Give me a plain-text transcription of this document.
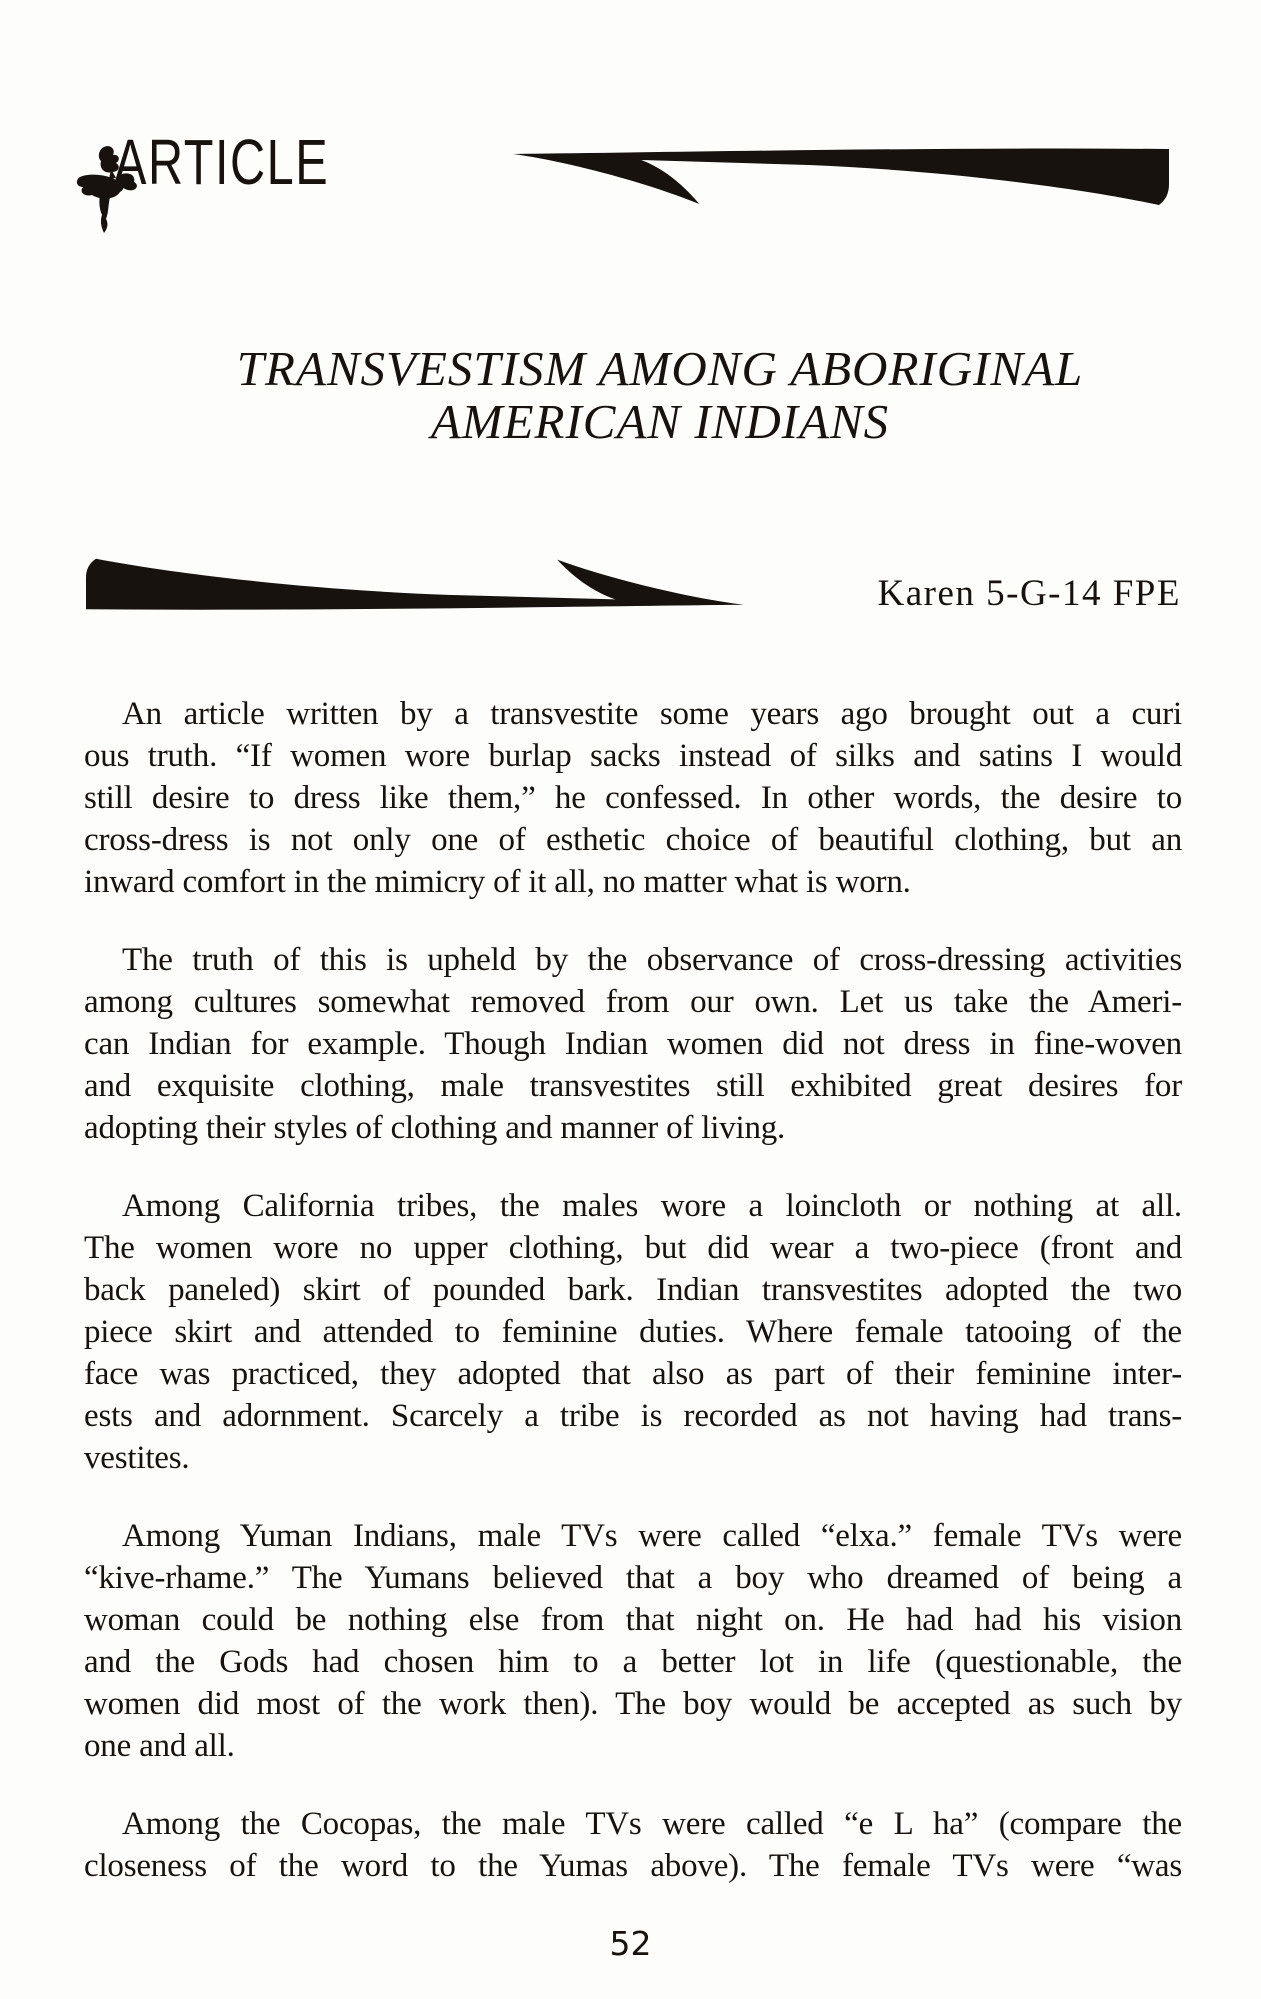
ARTICLE
TRANSVESTISM AMONG ABORIGINAL
AMERICAN INDIANS
Karen 5-G-14 FPE
An article written by a transvestite some years ago brought out a curi
ous truth. “If women wore burlap sacks instead of silks and satins I would
still desire to dress like them,” he confessed. In other words, the desire to
cross-dress is not only one of esthetic choice of beautiful clothing, but an
inward comfort in the mimicry of it all, no matter what is worn.
The truth of this is upheld by the observance of cross-dressing activities
among cultures somewhat removed from our own. Let us take the Ameri-
can Indian for example. Though Indian women did not dress in fine-woven
and exquisite clothing, male transvestites still exhibited great desires for
adopting their styles of clothing and manner of living.
Among California tribes, the males wore a loincloth or nothing at all.
The women wore no upper clothing, but did wear a two-piece (front and
back paneled) skirt of pounded bark. Indian transvestites adopted the two
piece skirt and attended to feminine duties. Where female tatooing of the
face was practiced, they adopted that also as part of their feminine inter-
ests and adornment. Scarcely a tribe is recorded as not having had trans-
vestites.
Among Yuman Indians, male TVs were called “elxa.” female TVs were
“kive-rhame.” The Yumans believed that a boy who dreamed of being a
woman could be nothing else from that night on. He had had his vision
and the Gods had chosen him to a better lot in life (questionable, the
women did most of the work then). The boy would be accepted as such by
one and all.
Among the Cocopas, the male TVs were called “e L ha” (compare the
closeness of the word to the Yumas above). The female TVs were “was
52
